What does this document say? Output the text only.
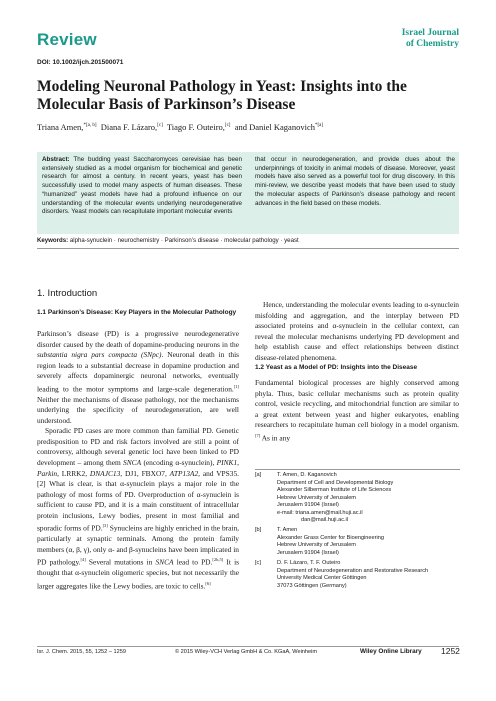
Review	Israel Journal
of Chemistry
DOI: 10.1002/ijch.201500071
Modeling Neuronal Pathology in Yeast: Insights into the Molecular Basis of Parkinson’s Disease
Triana Amen,$^{*[a, b]}$ Diana F. Lázaro,[c] Tiago F. Outeiro,[c] and Daniel Kaganovich$^{*[a]}$
Abstract: The budding yeast Saccharomyces cerevisiae has been extensively studied as a model organism for biochemical and genetic research for almost a century. In recent years, yeast has been successfully used to model many aspects of human diseases. These “humanized” yeast models have had a profound influence on our understanding of the molecular events underlying neurodegenerative disorders. Yeast models can recapitulate important molecular events
that occur in neurodegeneration, and provide clues about the underpinnings of toxicity in animal models of disease. Moreover, yeast models have also served as a powerful tool for drug discovery. In this mini-review, we describe yeast models that have been used to study the molecular aspects of Parkinson’s disease pathology and recent advances in the field based on these models.
Keywords: alpha-synuclein · neurochemistry · Parkinson’s disease · molecular pathology · yeast
1. Introduction
1.1 Parkinson’s Disease: Key Players in the Molecular Pathology

Parkinson’s disease (PD) is a progressive neurodegenerative disorder caused by the death of dopamine-producing neurons in the substantia nigra pars compacta (SNpc). Neuronal death in this region leads to a substantial decrease in dopamine production and severely affects dopaminergic neuronal networks, eventually leading to the motor symptoms and large-scale degeneration.[1] Neither the mechanisms of disease pathology, nor the mechanisms underlying the specificity of neurodegeneration, are well understood.

Sporadic PD cases are more common than familial PD. Genetic predisposition to PD and risk factors involved are still a point of controversy, although several genetic loci have been linked to PD development – among them SNCA (encoding α-synuclein), PINK1, Parkin, LRRK2, DNAJC13, DJ1, FBXO7, ATP13A2, and VPS35.[2] What is clear, is that α-synuclein plays a major role in the pathology of most forms of PD. Overproduction of α-synuclein is sufficient to cause PD, and it is a main constituent of intracellular protein inclusions, Lewy bodies, present in most familial and sporadic forms of PD.[3] Synucleins are highly enriched in the brain, particularly at synaptic terminals. Among the protein family members (α, β, γ), only α- and β-synucleins have been implicated in PD pathology.[4] Several mutations in SNCA lead to PD.[2b,5] It is thought that α-synuclein oligomeric species, but not necessarily the larger aggregates like the Lewy bodies, are toxic to cells.[6]

Hence, understanding the molecular events leading to α-synuclein misfolding and aggregation, and the interplay between PD associated proteins and α-synuclein in the cellular context, can reveal the molecular mechanisms underlying PD development and help establish cause and effect relationships between distinct disease-related phenomena.

1.2 Yeast as a Model of PD: Insights into the Disease

Fundamental biological processes are highly conserved among phyla. Thus, basic cellular mechanisms such as protein quality control, vesicle recycling, and mitochondrial function are similar to a great extent between yeast and higher eukaryotes, enabling researchers to recapitulate human cell biology in a model organism.[7] As in any

[a]	T. Amen, D. Kaganovich
Department of Cell and Developmental Biology
Alexander Silberman Institute of Life Sciences
Hebrew University of Jerusalem
Jerusalem 91904 (Israel)
e-mail: triana.amen@mail.huji.ac.il
dan@mail.huji.ac.il
[b]	T. Amen
Alexander Grass Center for Bioengineering
Hebrew University of Jerusalem
Jerusalem 91904 (Israel)
[c]	D. F. Lázaro, T. F. Outeiro
Department of Neurodegeneration and Restorative Research
University Medical Center Göttingen
37073 Göttingen (Germany)
Isr. J. Chem. 2015, 55, 1252 – 1259	© 2015 Wiley-VCH Verlag GmbH & Co. KGaA, Weinheim	Wiley Online Library 1252
